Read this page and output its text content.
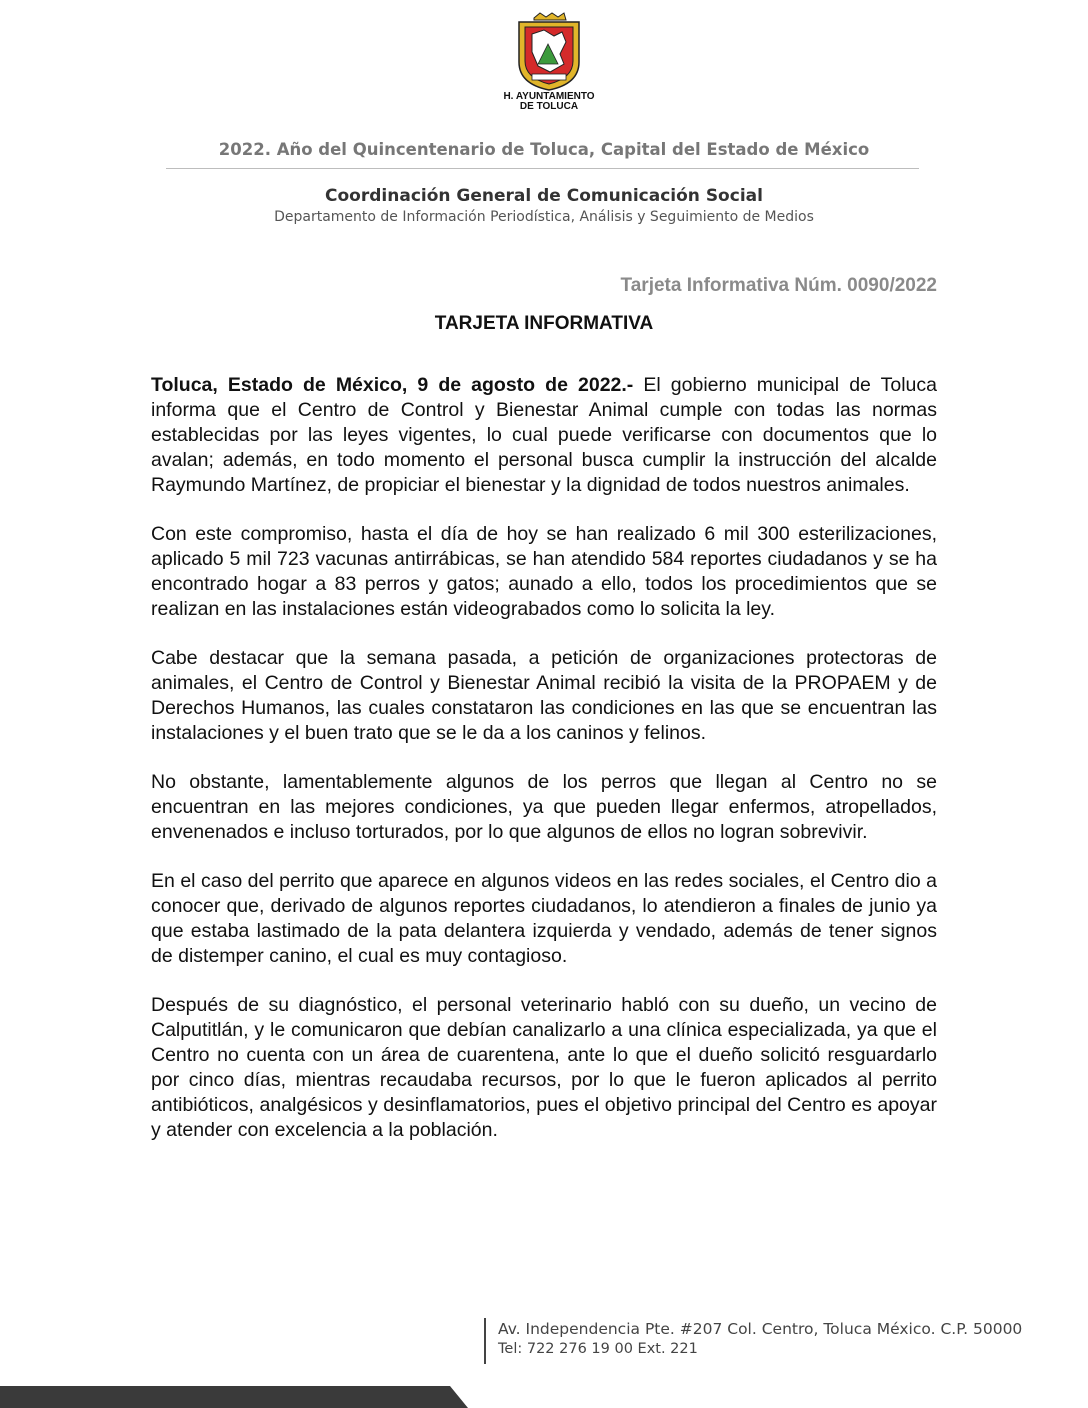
H. AYUNTAMIENTO
DE TOLUCA
2022. Año del Quincentenario de Toluca, Capital del Estado de México
Coordinación General de Comunicación Social
Departamento de Información Periodística, Análisis y Seguimiento de Medios
Tarjeta Informativa Núm. 0090/2022
TARJETA INFORMATIVA

Toluca, Estado de México, 9 de agosto de 2022.- El gobierno municipal de Toluca informa que el Centro de Control y Bienestar Animal cumple con todas las normas establecidas por las leyes vigentes, lo cual puede verificarse con documentos que lo avalan; además, en todo momento el personal busca cumplir la instrucción del alcalde Raymundo Martínez, de propiciar el bienestar y la dignidad de todos nuestros animales.

Con este compromiso, hasta el día de hoy se han realizado 6 mil 300 esterilizaciones, aplicado 5 mil 723 vacunas antirrábicas, se han atendido 584 reportes ciudadanos y se ha encontrado hogar a 83 perros y gatos; aunado a ello, todos los procedimientos que se realizan en las instalaciones están videograbados como lo solicita la ley.

Cabe destacar que la semana pasada, a petición de organizaciones protectoras de animales, el Centro de Control y Bienestar Animal recibió la visita de la PROPAEM y de Derechos Humanos, las cuales constataron las condiciones en las que se encuentran las instalaciones y el buen trato que se le da a los caninos y felinos.

No obstante, lamentablemente algunos de los perros que llegan al Centro no se encuentran en las mejores condiciones, ya que pueden llegar enfermos, atropellados, envenenados e incluso torturados, por lo que algunos de ellos no logran sobrevivir.

En el caso del perrito que aparece en algunos videos en las redes sociales, el Centro dio a conocer que, derivado de algunos reportes ciudadanos, lo atendieron a finales de junio ya que estaba lastimado de la pata delantera izquierda y vendado, además de tener signos de distemper canino, el cual es muy contagioso.

Después de su diagnóstico, el personal veterinario habló con su dueño, un vecino de Calputitlán, y le comunicaron que debían canalizarlo a una clínica especializada, ya que el Centro no cuenta con un área de cuarentena, ante lo que el dueño solicitó resguardarlo por cinco días, mientras recaudaba recursos, por lo que le fueron aplicados al perrito antibióticos, analgésicos y desinflamatorios, pues el objetivo principal del Centro es apoyar y atender con excelencia a la población.

Av. Independencia Pte. #207 Col. Centro, Toluca México. C.P. 50000
Tel: 722 276 19 00 Ext. 221
